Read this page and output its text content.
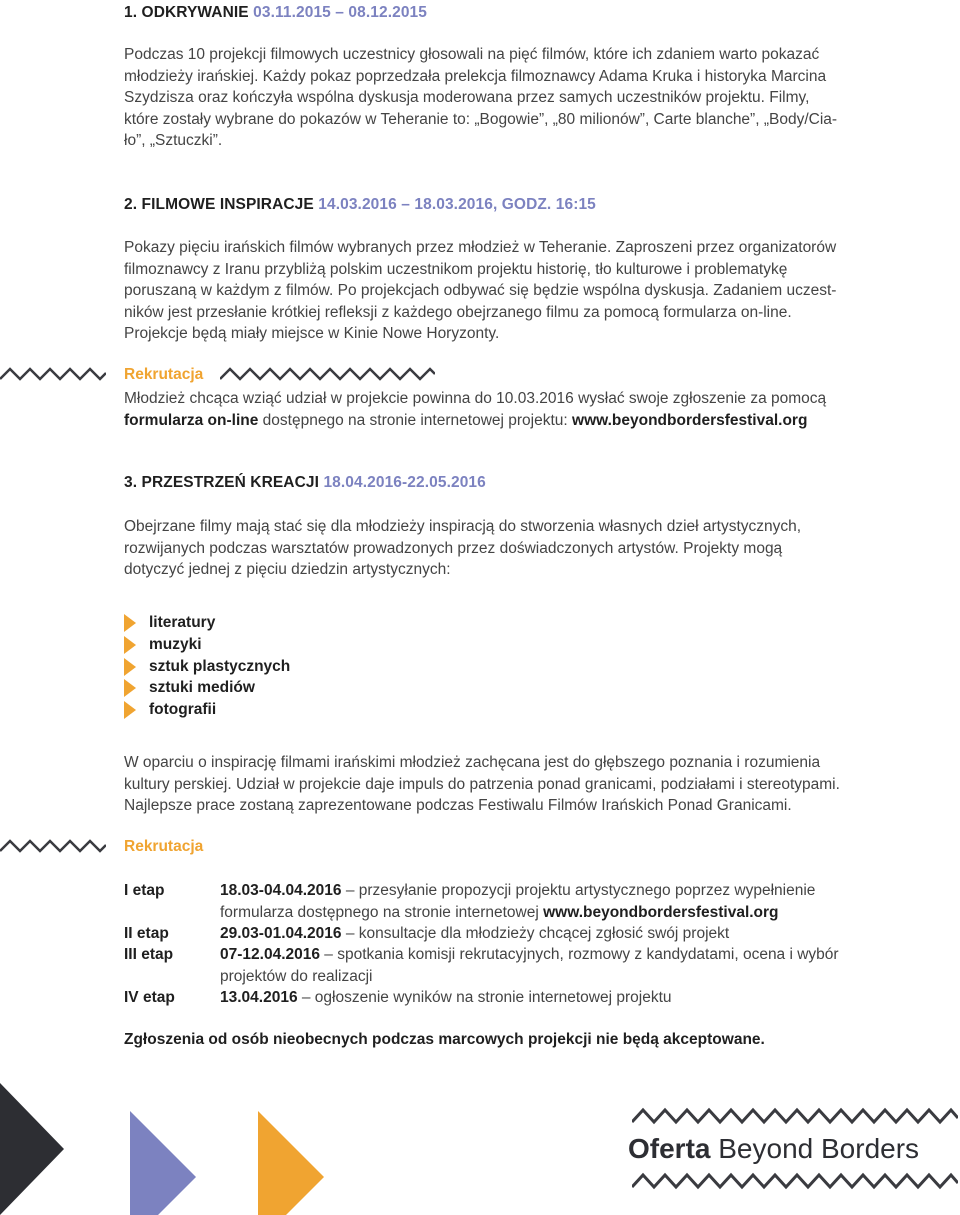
1. ODKRYWANIE 03.11.2015 – 08.12.2015
Podczas 10 projekcji filmowych uczestnicy głosowali na pięć filmów, które ich zdaniem warto pokazać
młodzieży irańskiej. Każdy pokaz poprzedzała prelekcja filmoznawcy Adama Kruka i historyka Marcina
Szydzisza oraz kończyła wspólna dyskusja moderowana przez samych uczestników projektu. Filmy,
które zostały wybrane do pokazów w Teheranie to: „Bogowie”, „80 milionów”, Carte blanche”, „Body/Cia-
ło”, „Sztuczki”.
2. FILMOWE INSPIRACJE 14.03.2016 – 18.03.2016, GODZ. 16:15
Pokazy pięciu irańskich filmów wybranych przez młodzież w Teheranie. Zaproszeni przez organizatorów
filmoznawcy z Iranu przybliżą polskim uczestnikom projektu historię, tło kulturowe i problematykę
poruszaną w każdym z filmów. Po projekcjach odbywać się będzie wspólna dyskusja. Zadaniem uczest-
ników jest przesłanie krótkiej refleksji z każdego obejrzanego filmu za pomocą formularza on-line.
Projekcje będą miały miejsce w Kinie Nowe Horyzonty.
Rekrutacja
Młodzież chcąca wziąć udział w projekcie powinna do 10.03.2016 wysłać swoje zgłoszenie za pomocą
formularza on-line dostępnego na stronie internetowej projektu: www.beyondbordersfestival.org
3. PRZESTRZEŃ KREACJI 18.04.2016-22.05.2016
Obejrzane filmy mają stać się dla młodzieży inspiracją do stworzenia własnych dzieł artystycznych,
rozwijanych podczas warsztatów prowadzonych przez doświadczonych artystów. Projekty mogą
dotyczyć jednej z pięciu dziedzin artystycznych:
literatury
muzyki
sztuk plastycznych
sztuki mediów
fotografii
W oparciu o inspirację filmami irańskimi młodzież zachęcana jest do głębszego poznania i rozumienia
kultury perskiej. Udział w projekcie daje impuls do patrzenia ponad granicami, podziałami i stereotypami.
Najlepsze prace zostaną zaprezentowane podczas Festiwalu Filmów Irańskich Ponad Granicami.
Rekrutacja
I etap	18.03-04.04.2016 – przesyłanie propozycji projektu artystycznego poprzez wypełnienie
formularza dostępnego na stronie internetowej www.beyondbordersfestival.org
II etap	29.03-01.04.2016 – konsultacje dla młodzieży chcącej zgłosić swój projekt
III etap	07-12.04.2016 – spotkania komisji rekrutacyjnych, rozmowy z kandydatami, ocena i wybór
projektów do realizacji
IV etap	13.04.2016 – ogłoszenie wyników na stronie internetowej projektu
Zgłoszenia od osób nieobecnych podczas marcowych projekcji nie będą akceptowane.
Oferta Beyond Borders
